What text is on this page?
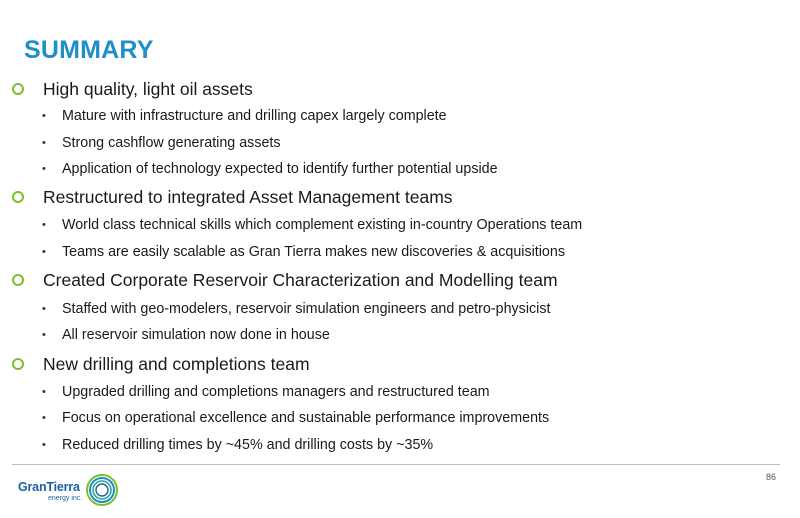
SUMMARY
High quality, light oil assets
•	Mature with infrastructure and drilling capex largely complete
•	Strong cashflow generating assets
•	Application of technology expected to identify further potential upside
Restructured to integrated Asset Management teams
•	World class technical skills which complement existing in-country Operations team
•	Teams are easily scalable as Gran Tierra makes new discoveries & acquisitions
Created Corporate Reservoir Characterization and Modelling team
•	Staffed with geo-modelers, reservoir simulation engineers and petro-physicist
•	All reservoir simulation now done in house
New drilling and completions team
•	Upgraded drilling and completions managers and restructured team
•	Focus on operational excellence and sustainable performance improvements
•	Reduced drilling times by ~45% and drilling costs by ~35%
GranTierra
energy inc.
86
